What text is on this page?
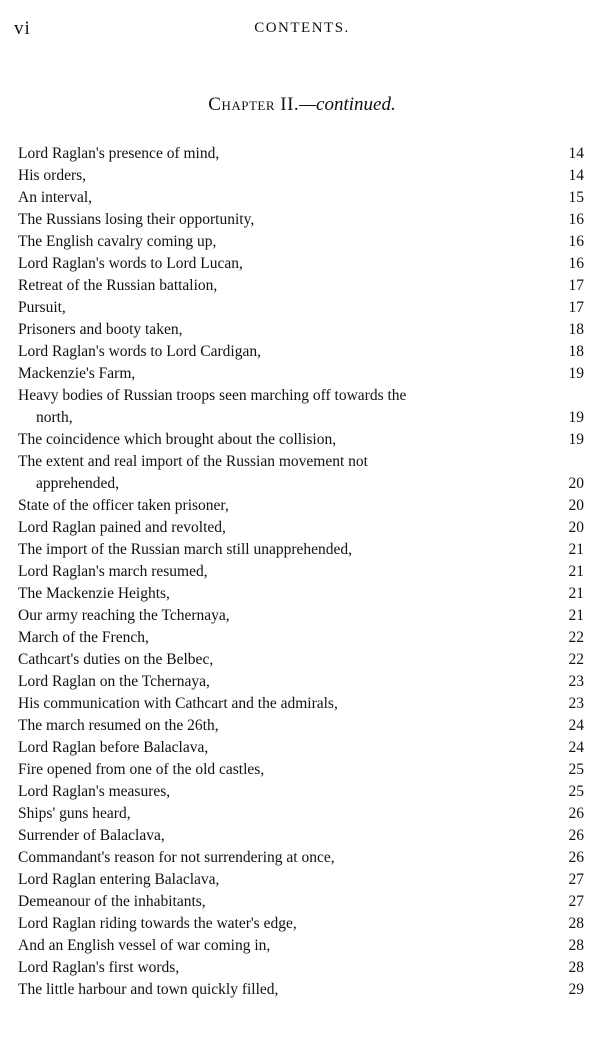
vi	CONTENTS.
Chapter II.—continued.
Lord Raglan's presence of mind,	14
His orders,	14
An interval,	15
The Russians losing their opportunity,	16
The English cavalry coming up,	16
Lord Raglan's words to Lord Lucan,	16
Retreat of the Russian battalion,	17
Pursuit,	17
Prisoners and booty taken,	18
Lord Raglan's words to Lord Cardigan,	18
Mackenzie's Farm,	19
Heavy bodies of Russian troops seen marching off towards the
north,	19
The coincidence which brought about the collision,	19
The extent and real import of the Russian movement not
apprehended,	20
State of the officer taken prisoner,	20
Lord Raglan pained and revolted,	20
The import of the Russian march still unapprehended,	21
Lord Raglan's march resumed,	21
The Mackenzie Heights,	21
Our army reaching the Tchernaya,	21
March of the French,	22
Cathcart's duties on the Belbec,	22
Lord Raglan on the Tchernaya,	23
His communication with Cathcart and the admirals,	23
The march resumed on the 26th,	24
Lord Raglan before Balaclava,	24
Fire opened from one of the old castles,	25
Lord Raglan's measures,	25
Ships' guns heard,	26
Surrender of Balaclava,	26
Commandant's reason for not surrendering at once,	26
Lord Raglan entering Balaclava,	27
Demeanour of the inhabitants,	27
Lord Raglan riding towards the water's edge,	28
And an English vessel of war coming in,	28
Lord Raglan's first words,	28
The little harbour and town quickly filled,	29
